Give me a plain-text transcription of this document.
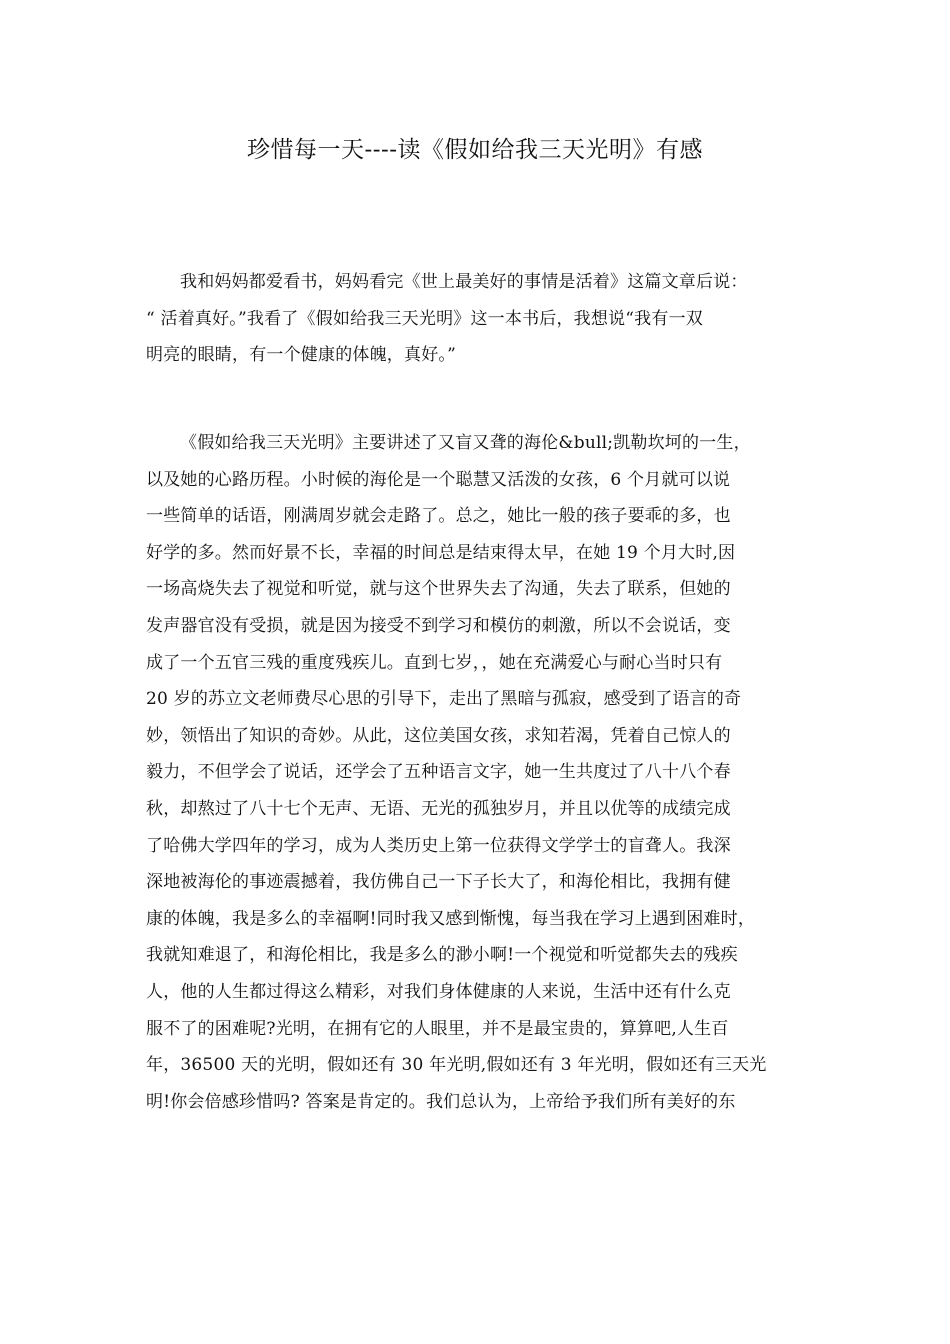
珍惜每一天----读《假如给我三天光明》有感
我和妈妈都爱看书，妈妈看完《世上最美好的事情是活着》这篇文章后说：
“ 活着真好。”我看了《假如给我三天光明》这一本书后，我想说“我有一双
明亮的眼睛，有一个健康的体魄，真好。”
《假如给我三天光明》主要讲述了又盲又聋的海伦&bull;凯勒坎坷的一生，
以及她的心路历程。小时候的海伦是一个聪慧又活泼的女孩，6 个月就可以说
一些简单的话语，刚满周岁就会走路了。总之，她比一般的孩子要乖的多，也
好学的多。然而好景不长，幸福的时间总是结束得太早，在她 19 个月大时,因
一场高烧失去了视觉和听觉，就与这个世界失去了沟通，失去了联系，但她的
发声器官没有受损，就是因为接受不到学习和模仿的刺激，所以不会说话，变
成了一个五官三残的重度残疾儿。直到七岁，，她在充满爱心与耐心当时只有
20 岁的苏立文老师费尽心思的引导下，走出了黑暗与孤寂，感受到了语言的奇
妙，领悟出了知识的奇妙。从此，这位美国女孩，求知若渴，凭着自己惊人的
毅力，不但学会了说话，还学会了五种语言文字，她一生共度过了八十八个春
秋，却熬过了八十七个无声、无语、无光的孤独岁月，并且以优等的成绩完成
了哈佛大学四年的学习，成为人类历史上第一位获得文学学士的盲聋人。我深
深地被海伦的事迹震撼着，我仿佛自己一下子长大了，和海伦相比，我拥有健
康的体魄，我是多么的幸福啊!同时我又感到惭愧，每当我在学习上遇到困难时，
我就知难退了，和海伦相比，我是多么的渺小啊!一个视觉和听觉都失去的残疾
人，他的人生都过得这么精彩，对我们身体健康的人来说，生活中还有什么克
服不了的困难呢?光明，在拥有它的人眼里，并不是最宝贵的，算算吧,人生百
年，36500 天的光明，假如还有 30 年光明,假如还有 3 年光明，假如还有三天光
明!你会倍感珍惜吗? 答案是肯定的。我们总认为，上帝给予我们所有美好的东
